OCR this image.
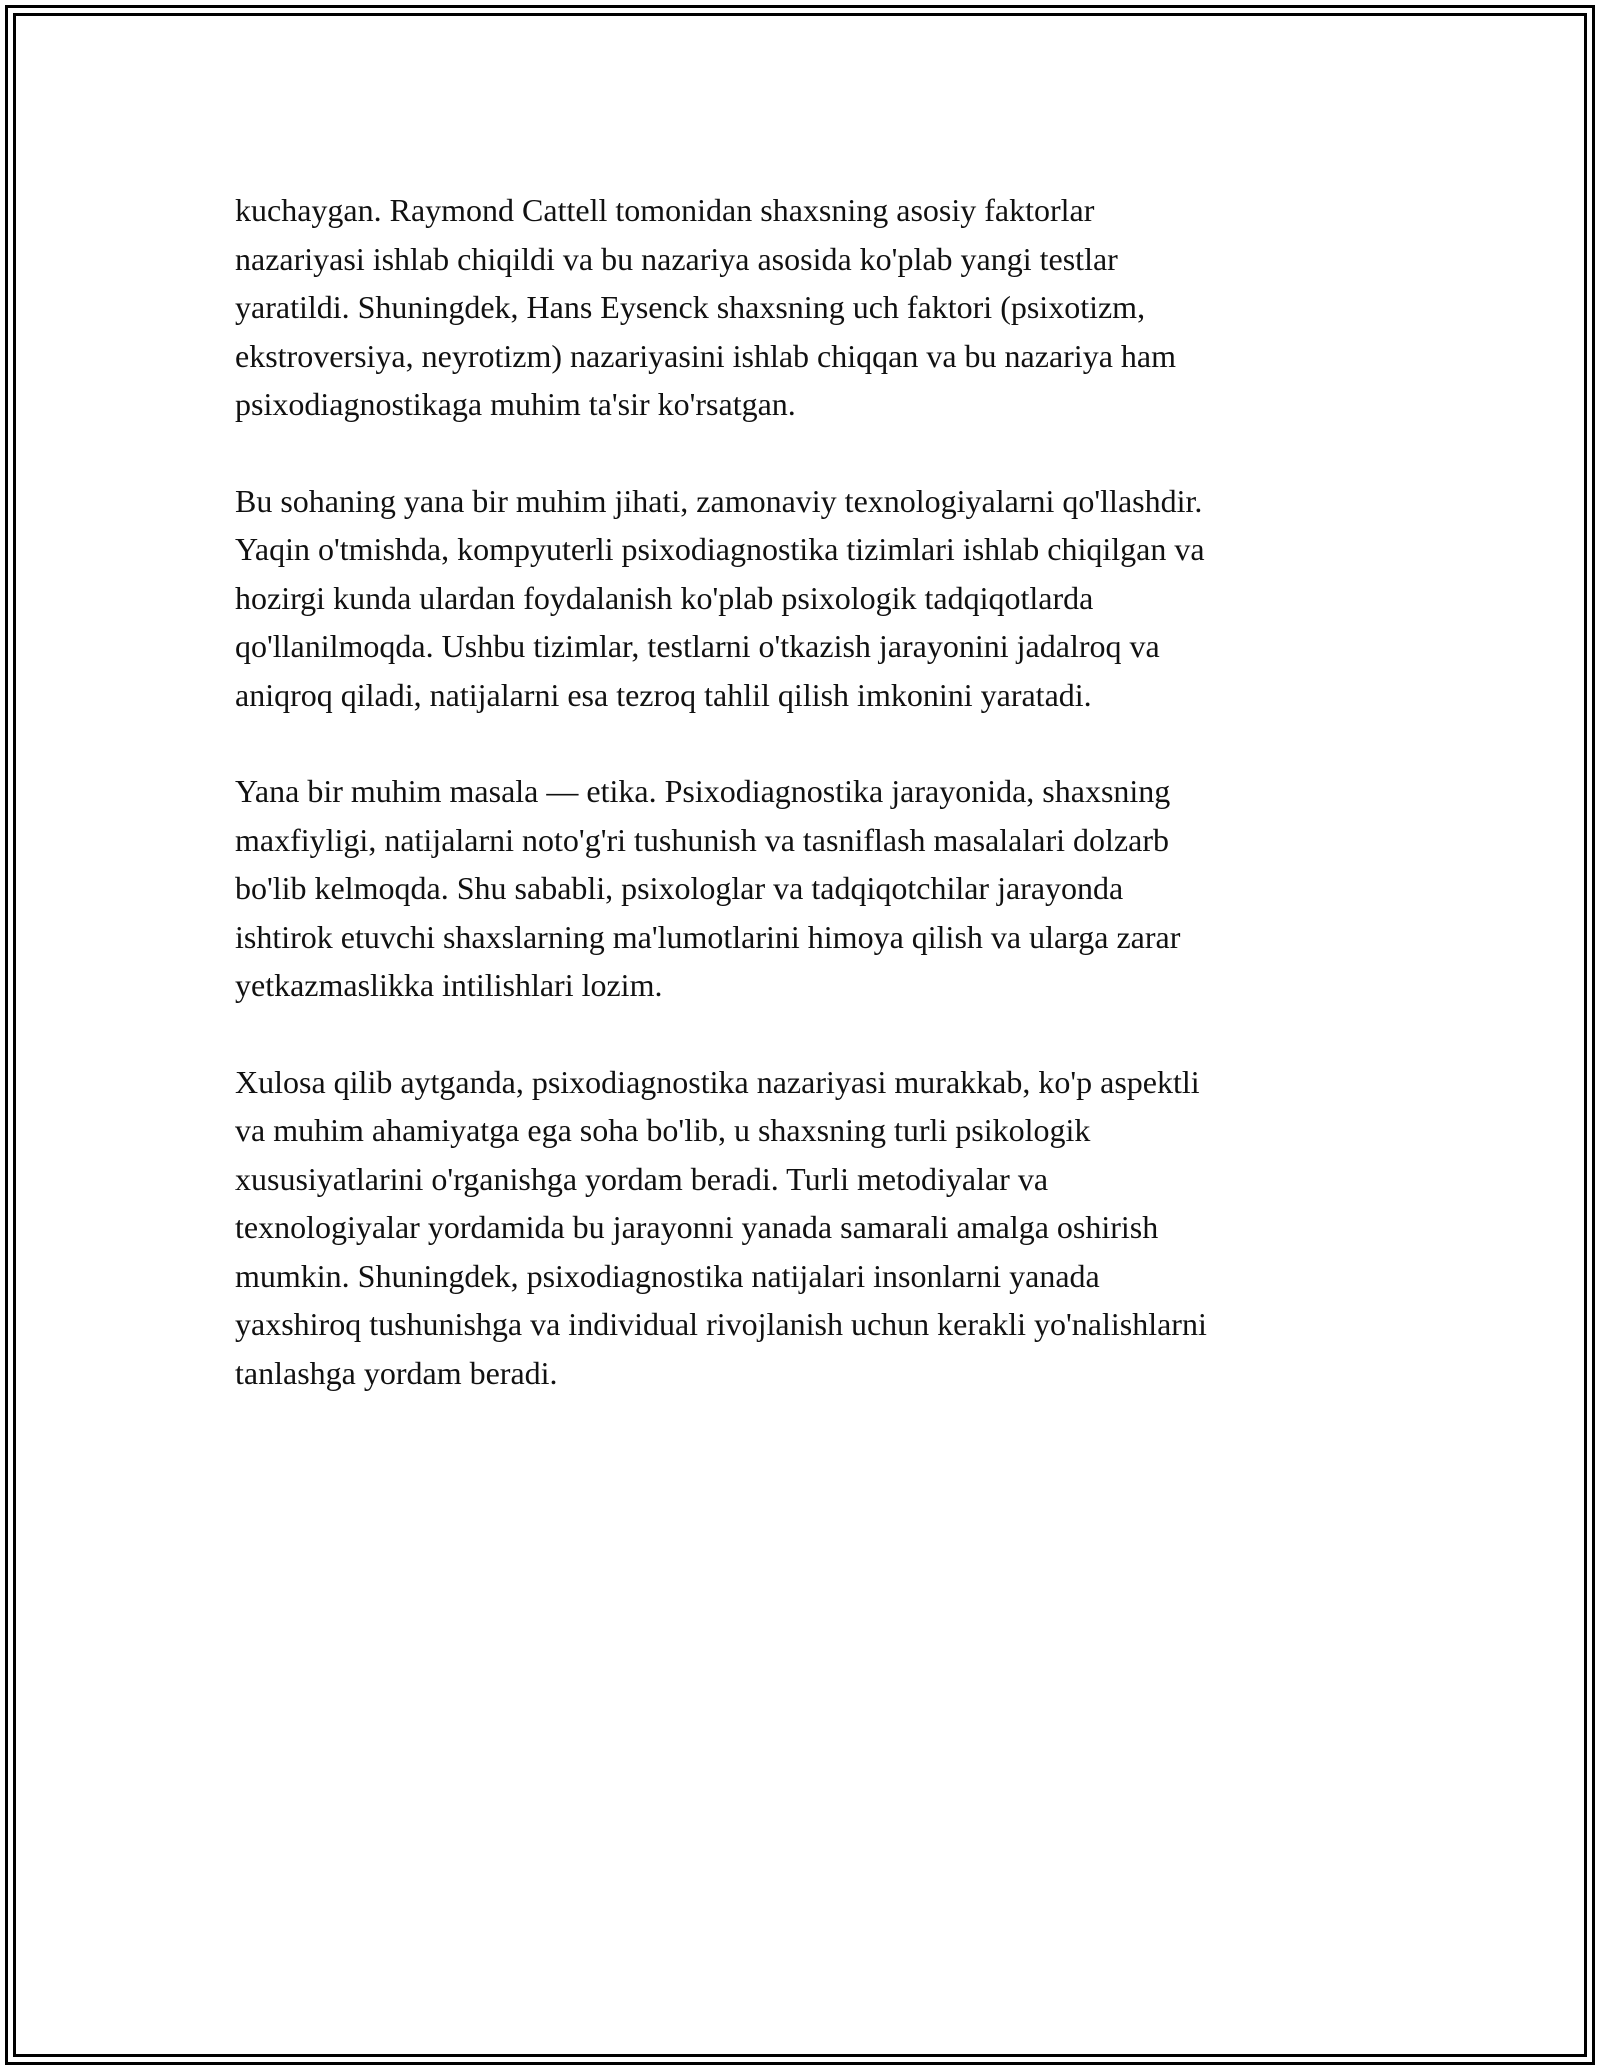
kuchaygan. Raymond Cattell tomonidan shaxsning asosiy faktorlar
nazariyasi ishlab chiqildi va bu nazariya asosida ko'plab yangi testlar
yaratildi. Shuningdek, Hans Eysenck shaxsning uch faktori (psixotizm,
ekstroversiya, neyrotizm) nazariyasini ishlab chiqqan va bu nazariya ham
psixodiagnostikaga muhim ta'sir ko'rsatgan.

Bu sohaning yana bir muhim jihati, zamonaviy texnologiyalarni qo'llashdir.
Yaqin o'tmishda, kompyuterli psixodiagnostika tizimlari ishlab chiqilgan va
hozirgi kunda ulardan foydalanish ko'plab psixologik tadqiqotlarda
qo'llanilmoqda. Ushbu tizimlar, testlarni o'tkazish jarayonini jadalroq va
aniqroq qiladi, natijalarni esa tezroq tahlil qilish imkonini yaratadi.

Yana bir muhim masala — etika. Psixodiagnostika jarayonida, shaxsning
maxfiyligi, natijalarni noto'g'ri tushunish va tasniflash masalalari dolzarb
bo'lib kelmoqda. Shu sababli, psixologlar va tadqiqotchilar jarayonda
ishtirok etuvchi shaxslarning ma'lumotlarini himoya qilish va ularga zarar
yetkazmaslikka intilishlari lozim.

Xulosa qilib aytganda, psixodiagnostika nazariyasi murakkab, ko'p aspektli
va muhim ahamiyatga ega soha bo'lib, u shaxsning turli psikologik
xususiyatlarini o'rganishga yordam beradi. Turli metodiyalar va
texnologiyalar yordamida bu jarayonni yanada samarali amalga oshirish
mumkin. Shuningdek, psixodiagnostika natijalari insonlarni yanada
yaxshiroq tushunishga va individual rivojlanish uchun kerakli yo'nalishlarni
tanlashga yordam beradi.
